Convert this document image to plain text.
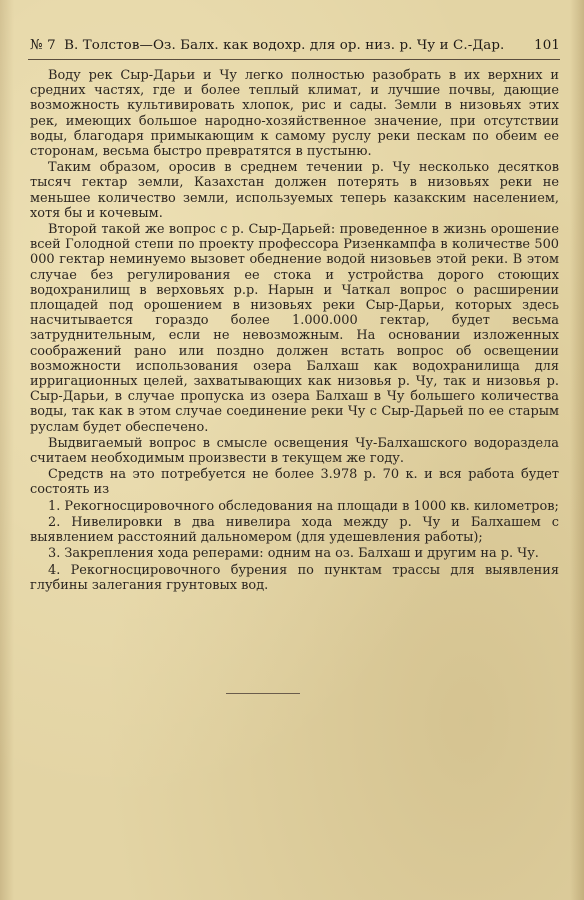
№ 7 В. Толстов—Оз. Балх. как водохр. для ор. низ. р. Чу и С.-Дар. 101

Воду рек Сыр-Дарьи и Чу легко полностью разобрать в их верхних и средних частях, где и более теплый климат, и лучшие почвы, дающие возможность культивировать хлопок, рис и сады. Земли в низовьях этих рек, имеющих большое народно-хозяйственное значение, при отсутствии воды, благодаря примыкающим к самому руслу реки пескам по обеим ее сторонам, весьма быстро превратятся в пустыню.

Таким образом, оросив в среднем течении р. Чу несколько десятков тысяч гектар земли, Казахстан должен потерять в низовьях реки не меньшее количество земли, используемых теперь казакским населением, хотя бы и кочевым.

Второй такой же вопрос с р. Сыр-Дарьей: проведенное в жизнь орошение всей Голодной степи по проекту профессора Ризенкампфа в количестве 500 000 гектар неминуемо вызовет обеднение водой низовьев этой реки. В этом случае без регулирования ее стока и устройства дорого стоющих водохранилищ в верховьях р.р. Нарын и Чаткал вопрос о расширении площадей под орошением в низовьях реки Сыр-Дарьи, которых здесь насчитывается гораздо более 1.000.000 гектар, будет весьма затруднительным, если не невозможным. На основании изложенных соображений рано или поздно должен встать вопрос об освещении возможности использования озера Балхаш как водохранилища для ирригационных целей, захватывающих как низовья р. Чу, так и низовья р. Сыр-Дарьи, в случае пропуска из озера Балхаш в Чу большего количества воды, так как в этом случае соединение реки Чу с Сыр-Дарьей по ее старым руслам будет обеспечено.

Выдвигаемый вопрос в смысле освещения Чу-Балхашского водораздела считаем необходимым произвести в текущем же году.

Средств на это потребуется не более 3.978 р. 70 к. и вся работа будет состоять из

1. Рекогносцировочного обследования на площади в 1000 кв. километров;

2. Нивелировки в два нивелира хода между р. Чу и Балхашем с выявлением расстояний дальномером (для удешевления работы);

3. Закрепления хода реперами: одним на оз. Балхаш и другим на р. Чу.

4. Рекогносцировочного бурения по пунктам трассы для выявления глубины залегания грунтовых вод.
